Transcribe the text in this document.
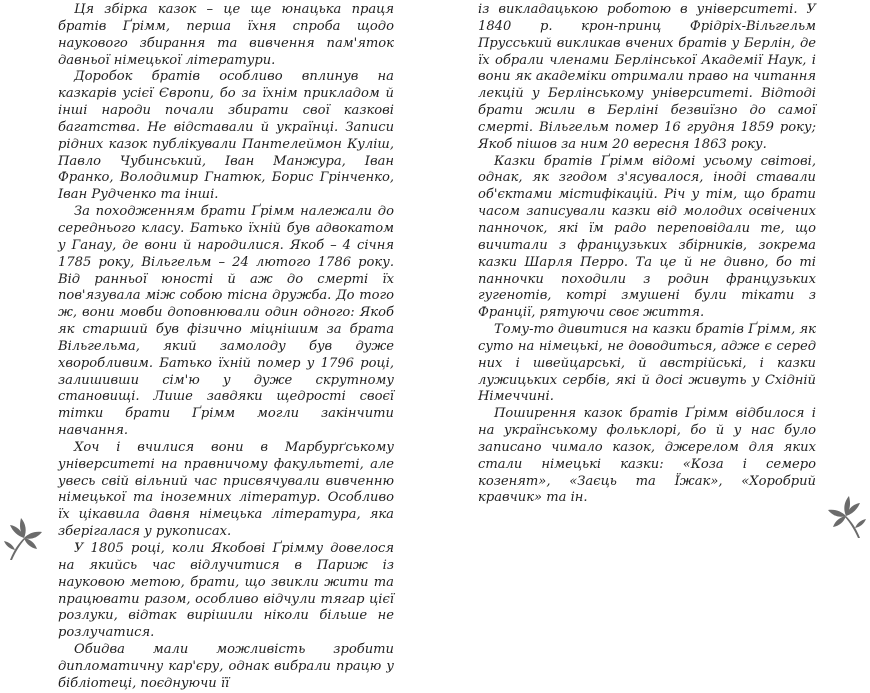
Ця збірка казок – це ще юнацька праця братів Ґрімм, перша їхня спроба щодо наукового збирання та вивчення пам'яток давньої німецької літератури.

Доробок братів особливо вплинув на казкарів усієї Європи, бо за їхнім прикладом й інші народи почали збирати свої казкові багатства. Не відставали й українці. Записи рідних казок публікували Пантелеймон Куліш, Павло Чубинський, Іван Манжура, Іван Франко, Володимир Гнатюк, Борис Грінченко, Іван Рудченко та інші.

За походженням брати Ґрімм належали до середнього класу. Батько їхній був адвокатом у Ганау, де вони й народилися. Якоб – 4 січня 1785 року, Вільгельм – 24 лютого 1786 року. Від ранньої юності й аж до смерті їх пов'язувала між собою тісна дружба. До того ж, вони мовби доповнювали один одного: Якоб як старший був фізично міцнішим за брата Вільгельма, який замолоду був дуже хворобливим. Батько їхній помер у 1796 році, залишивши сім'ю у дуже скрутному становищі. Лише завдяки щедрості своєї тітки брати Ґрімм могли закінчити навчання.

Хоч і вчилися вони в Марбурґському університеті на правничому факультеті, але увесь свій вільний час присвячували вивченню німецької та іноземних літератур. Особливо їх цікавила давня німецька література, яка зберігалася у рукописах.

У 1805 році, коли Якобові Ґрімму довелося на якийсь час відлучитися в Париж із науковою метою, брати, що звикли жити та працювати разом, особливо відчули тягар цієї розлуки, відтак вирішили ніколи більше не розлучатися.

Обидва мали можливість зробити дипломатичну кар'єру, однак вибрали працю у бібліотеці, поєднуючи її

із викладацькою роботою в університеті. У 1840 р. крон-принц Фрідріх-Вільгельм Прусський викликав вчених братів у Берлін, де їх обрали членами Берлінської Академії Наук, і вони як академіки отримали право на читання лекцій у Берлінському університеті. Відтоді брати жили в Берліні безвиїзно до самої смерті. Вільгельм помер 16 грудня 1859 року; Якоб пішов за ним 20 вересня 1863 року.

Казки братів Ґрімм відомі усьому світові, однак, як згодом з'ясувалося, іноді ставали об'єктами містифікацій. Річ у тім, що брати часом записували казки від молодих освічених панночок, які їм радо переповідали те, що вичитали з французьких збірників, зокрема казки Шарля Перро. Та це й не дивно, бо ті панночки походили з родин французьких гугенотів, котрі змушені були тікати з Франції, рятуючи своє життя.

Тому-то дивитися на казки братів Ґрімм, як суто на німецькі, не доводиться, адже є серед них і швейцарські, й австрійські, і казки лужицьких сербів, які й досі живуть у Східній Німеччині.

Поширення казок братів Ґрімм відбилося і на українському фольклорі, бо й у нас було записано чимало казок, джерелом для яких стали німецькі казки: «Коза і семеро козенят», «Заєць та Їжак», «Хоробрий кравчик» та ін.
